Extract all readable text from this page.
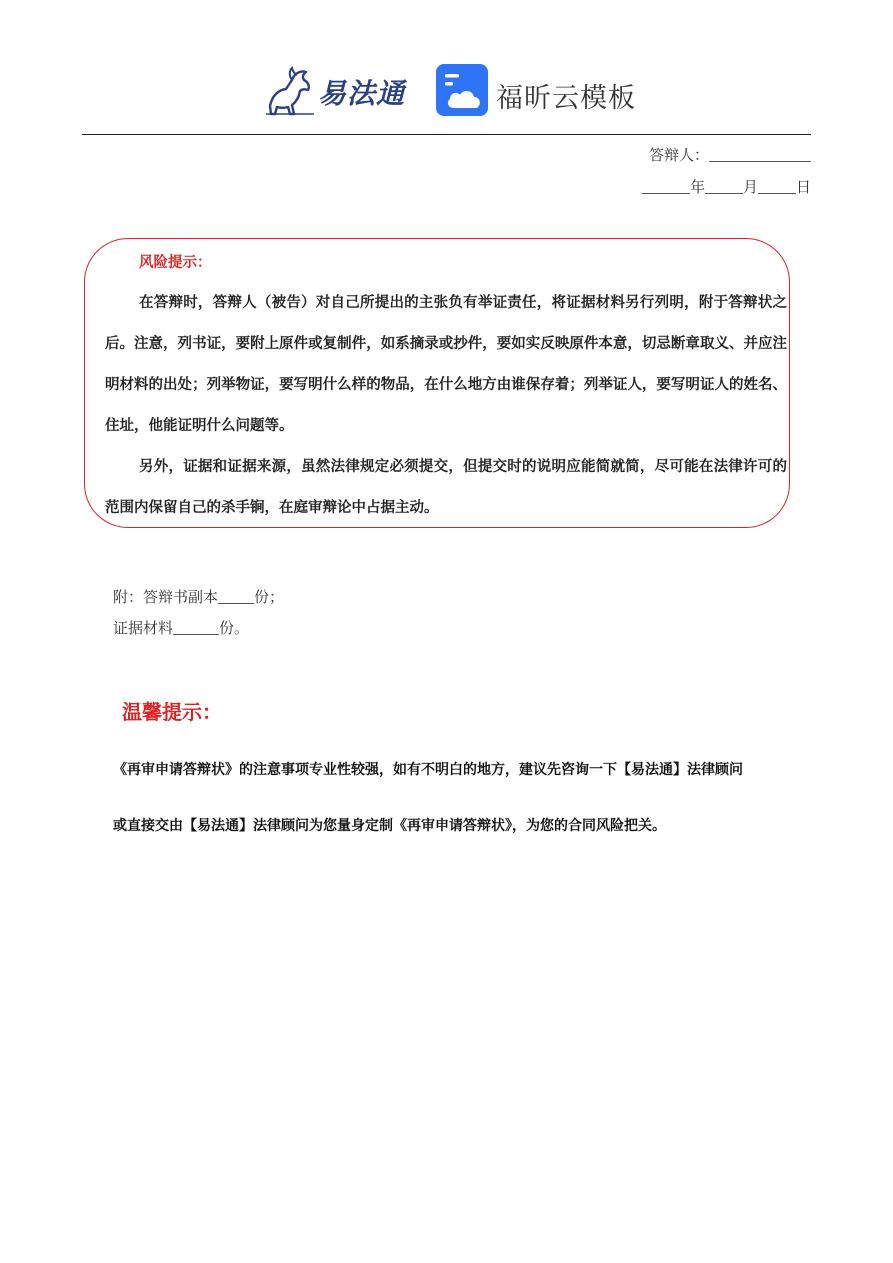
易法通	福昕云模板
答辩人：
年	月	日
风险提示：

在答辩时，答辩人（被告）对自己所提出的主张负有举证责任，将证据材料另行列明，附于答辩状之后。注意，列书证，要附上原件或复制件，如系摘录或抄件，要如实反映原件本意，切忌断章取义、并应注明材料的出处；列举物证，要写明什么样的物品，在什么地方由谁保存着；列举证人，要写明证人的姓名、住址，他能证明什么问题等。

另外，证据和证据来源，虽然法律规定必须提交，但提交时的说明应能简就简，尽可能在法律许可的范围内保留自己的杀手锏，在庭审辩论中占据主动。

附：答辩书副本 份；
证据材料	份。
温馨提示：

《再审申请答辩状》的注意事项专业性较强，如有不明白的地方，建议先咨询一下【易法通】法律顾问

或直接交由【易法通】法律顾问为您量身定制《再审申请答辩状》，为您的合同风险把关。
